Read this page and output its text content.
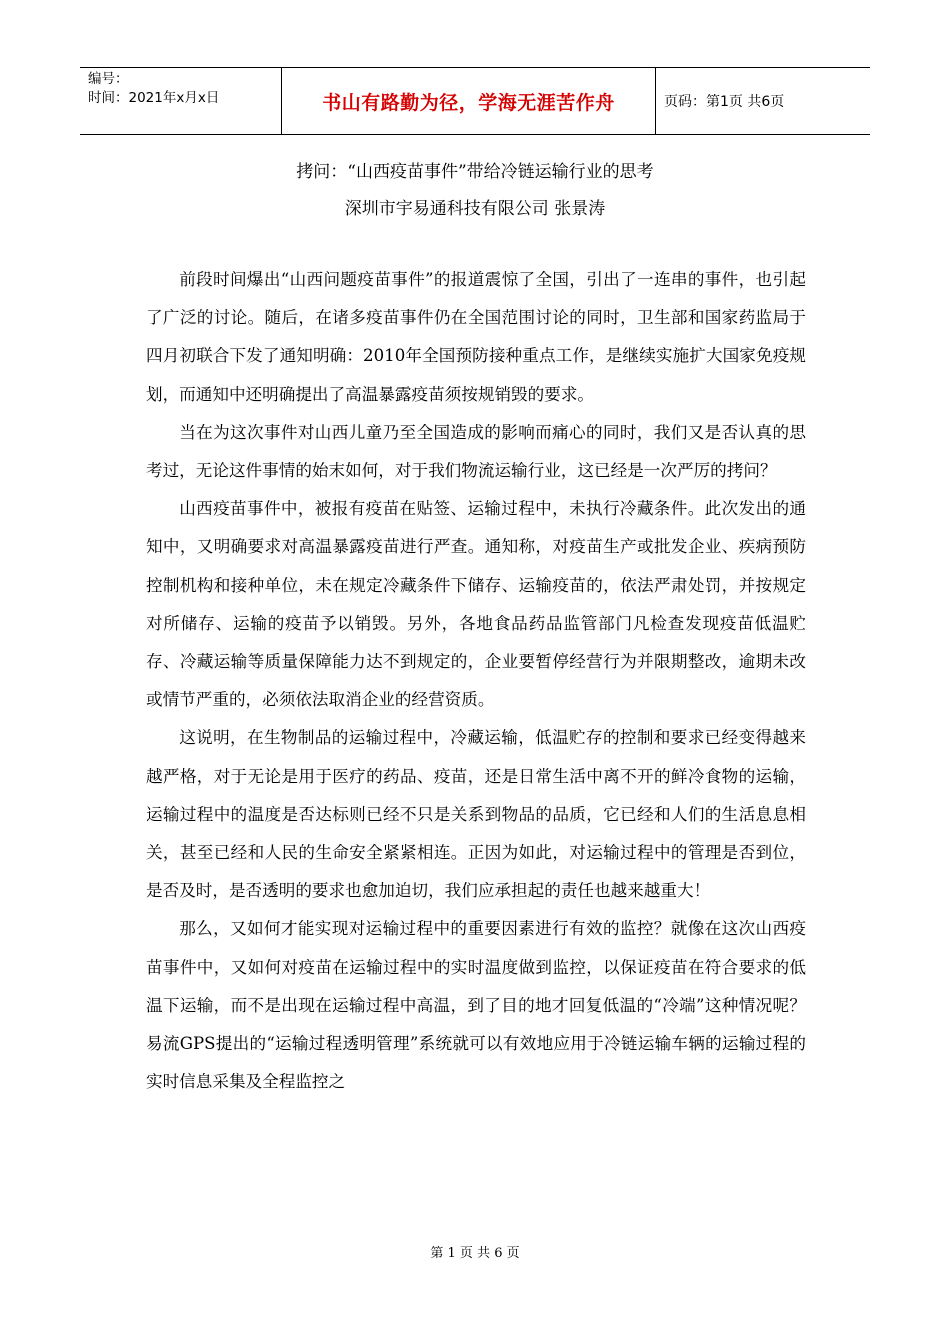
编号：
时间：2021年x月x日	书山有路勤为径，学海无涯苦作舟	页码：第1页 共6页
拷问：“山西疫苗事件”带给冷链运输行业的思考
深圳市宇易通科技有限公司 张景涛

前段时间爆出“山西问题疫苗事件”的报道震惊了全国，引出了一连串的事件，也引起了广泛的讨论。随后，在诸多疫苗事件仍在全国范围讨论的同时，卫生部和国家药监局于四月初联合下发了通知明确：2010年全国预防接种重点工作，是继续实施扩大国家免疫规划，而通知中还明确提出了高温暴露疫苗须按规销毁的要求。

当在为这次事件对山西儿童乃至全国造成的影响而痛心的同时，我们又是否认真的思考过，无论这件事情的始末如何，对于我们物流运输行业，这已经是一次严厉的拷问？

山西疫苗事件中，被报有疫苗在贴签、运输过程中，未执行冷藏条件。此次发出的通知中，又明确要求对高温暴露疫苗进行严查。通知称，对疫苗生产或批发企业、疾病预防控制机构和接种单位，未在规定冷藏条件下储存、运输疫苗的，依法严肃处罚，并按规定对所储存、运输的疫苗予以销毁。另外，各地食品药品监管部门凡检查发现疫苗低温贮存、冷藏运输等质量保障能力达不到规定的，企业要暂停经营行为并限期整改，逾期未改或情节严重的，必须依法取消企业的经营资质。

这说明，在生物制品的运输过程中，冷藏运输，低温贮存的控制和要求已经变得越来越严格，对于无论是用于医疗的药品、疫苗，还是日常生活中离不开的鲜冷食物的运输，运输过程中的温度是否达标则已经不只是关系到物品的品质，它已经和人们的生活息息相关，甚至已经和人民的生命安全紧紧相连。正因为如此，对运输过程中的管理是否到位，是否及时，是否透明的要求也愈加迫切，我们应承担起的责任也越来越重大！

那么，又如何才能实现对运输过程中的重要因素进行有效的监控？就像在这次山西疫苗事件中，又如何对疫苗在运输过程中的实时温度做到监控，以保证疫苗在符合要求的低温下运输，而不是出现在运输过程中高温，到了目的地才回复低温的“冷端”这种情况呢？易流GPS提出的“运输过程透明管理”系统就可以有效地应用于冷链运输车辆的运输过程的实时信息采集及全程监控之

第 1 页 共 6 页
